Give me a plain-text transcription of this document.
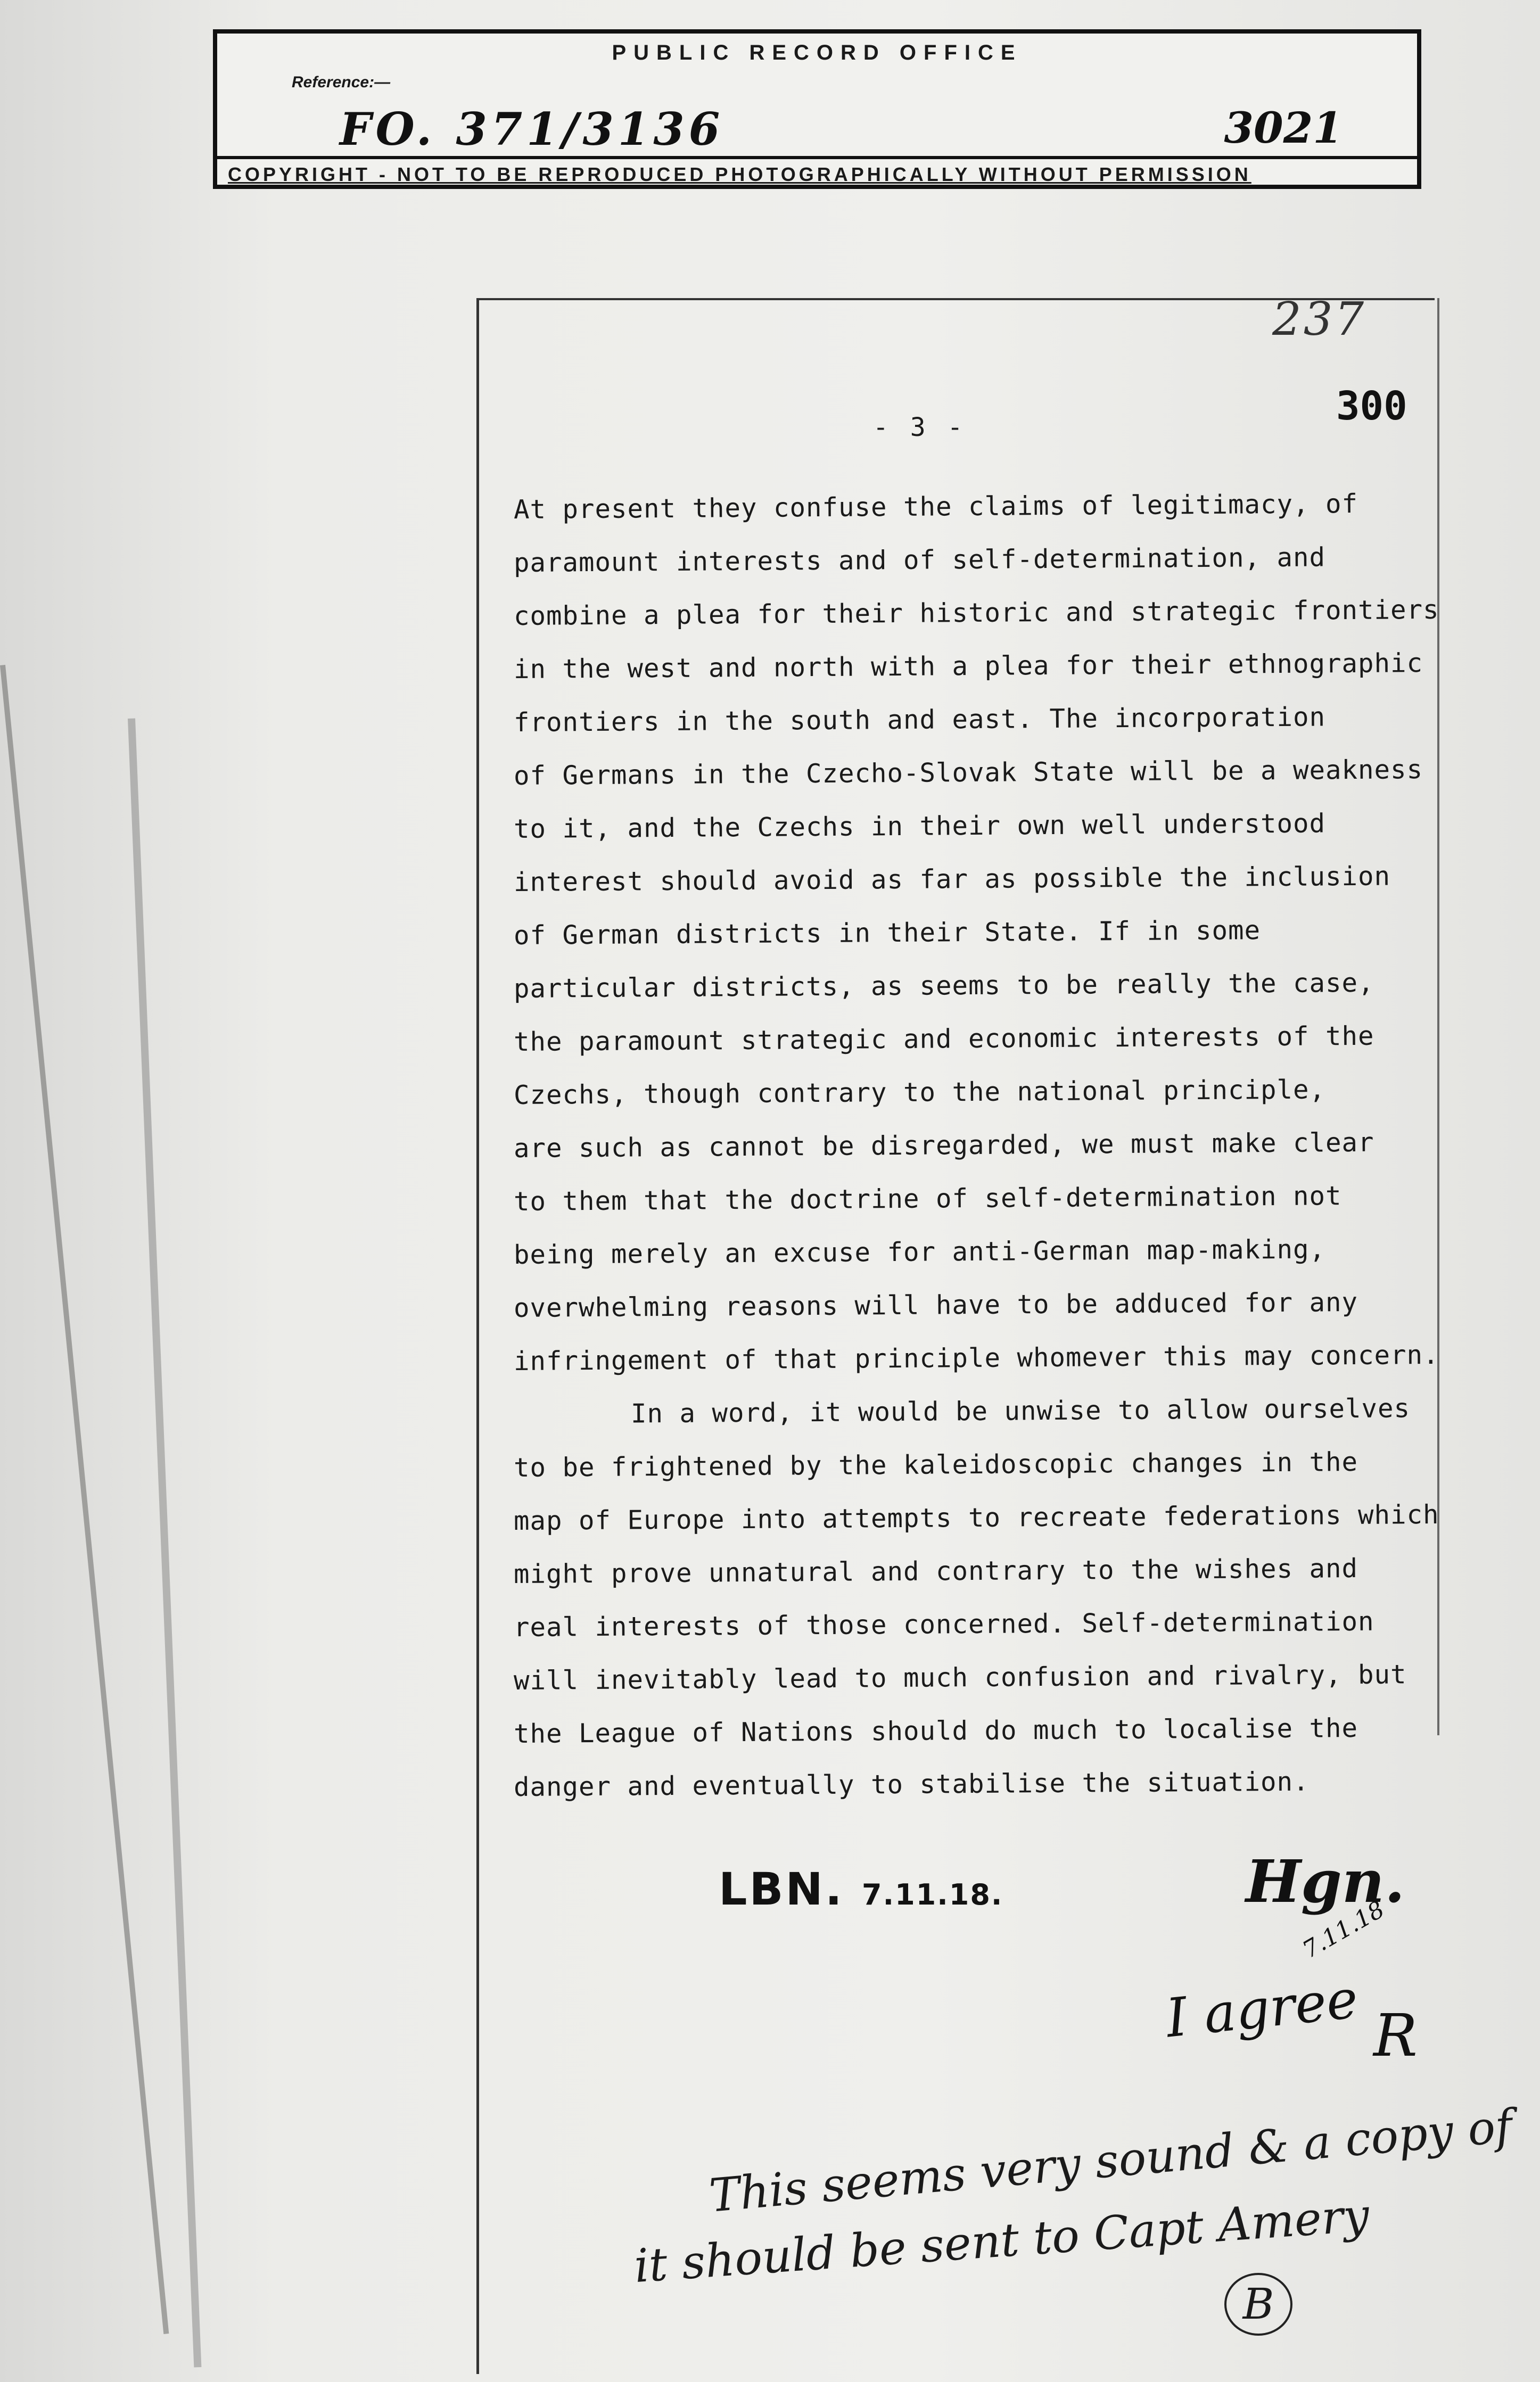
PUBLIC RECORD OFFICE
Reference:—
FO. 371/3136	3021
COPYRIGHT - NOT TO BE REPRODUCED PHOTOGRAPHICALLY WITHOUT PERMISSION
237
300
- 3 -
At present they confuse the claims of legitimacy, of
paramount interests and of self-determination, and
combine a plea for their historic and strategic frontiers
in the west and north with a plea for their ethnographic
frontiers in the south and east. The incorporation
of Germans in the Czecho-Slovak State will be a weakness
to it, and the Czechs in their own well understood
interest should avoid as far as possible the inclusion
of German districts in their State. If in some
particular districts, as seems to be really the case,
the paramount strategic and economic interests of the
Czechs, though contrary to the national principle,
are such as cannot be disregarded, we must make clear
to them that the doctrine of self-determination not
being merely an excuse for anti-German map-making,
overwhelming reasons will have to be adduced for any
infringement of that principle whomever this may concern.
In a word, it would be unwise to allow ourselves
to be frightened by the kaleidoscopic changes in the
map of Europe into attempts to recreate federations which
might prove unnatural and contrary to the wishes and
real interests of those concerned. Self-determination
will inevitably lead to much confusion and rivalry, but
the League of Nations should do much to localise the
danger and eventually to stabilise the situation.
LBN. 7.11.18.	Hgn.
7.11.18
I agree R
This seems very sound & a copy of
it should be sent to Capt Amery
B
